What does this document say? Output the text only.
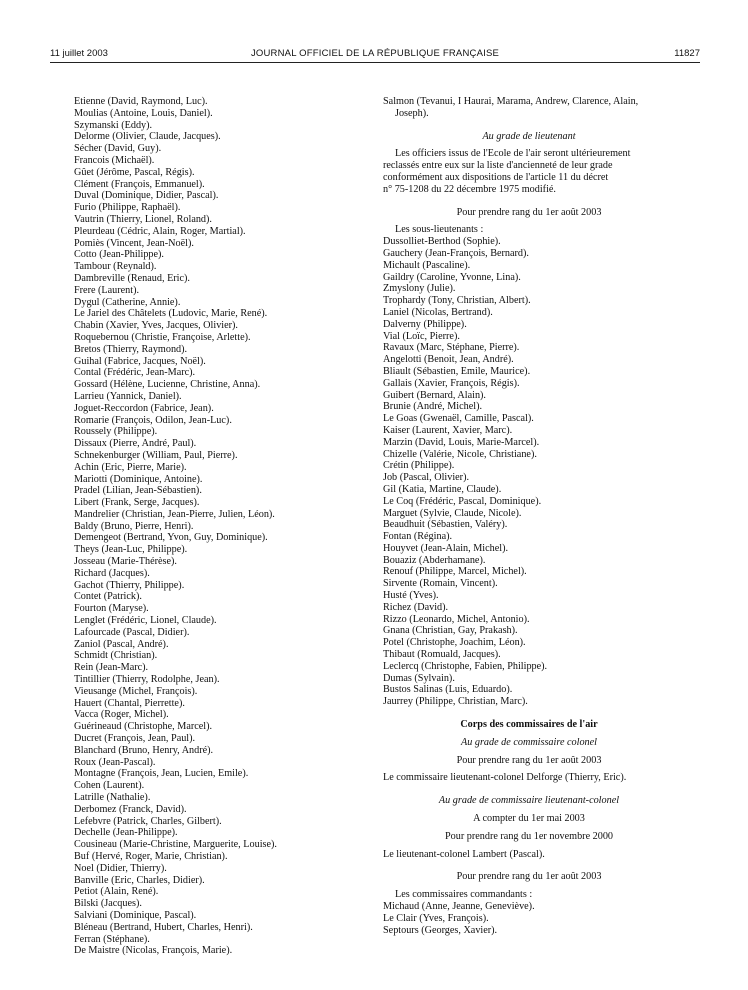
11 juillet 2003	JOURNAL OFFICIEL DE LA RÉPUBLIQUE FRANÇAISE	11827
Etienne (David, Raymond, Luc).
Moulias (Antoine, Louis, Daniel).
Szymanski (Eddy).
Delorme (Olivier, Claude, Jacques).
Sécher (David, Guy).
Francois (Michaël).
Gûet (Jérôme, Pascal, Régis).
Clément (François, Emmanuel).
Duval (Dominique, Didier, Pascal).
Furio (Philippe, Raphaël).
Vautrin (Thierry, Lionel, Roland).
Pleurdeau (Cédric, Alain, Roger, Martial).
Pomiès (Vincent, Jean-Noël).
Cotto (Jean-Philippe).
Tambour (Reynald).
Dambreville (Renaud, Eric).
Frere (Laurent).
Dygul (Catherine, Annie).
Le Jariel des Châtelets (Ludovic, Marie, René).
Chabin (Xavier, Yves, Jacques, Olivier).
Roquebernou (Christie, Françoise, Arlette).
Bretos (Thierry, Raymond).
Guihal (Fabrice, Jacques, Noël).
Contal (Frédéric, Jean-Marc).
Gossard (Hélène, Lucienne, Christine, Anna).
Larrieu (Yannick, Daniel).
Joguet-Reccordon (Fabrice, Jean).
Romarie (François, Odilon, Jean-Luc).
Roussely (Philippe).
Dissaux (Pierre, André, Paul).
Schnekenburger (William, Paul, Pierre).
Achin (Eric, Pierre, Marie).
Mariotti (Dominique, Antoine).
Pradel (Lilian, Jean-Sébastien).
Libert (Frank, Serge, Jacques).
Mandrelier (Christian, Jean-Pierre, Julien, Léon).
Baldy (Bruno, Pierre, Henri).
Demengeot (Bertrand, Yvon, Guy, Dominique).
Theys (Jean-Luc, Philippe).
Josseau (Marie-Thérèse).
Richard (Jacques).
Gachot (Thierry, Philippe).
Contet (Patrick).
Fourton (Maryse).
Lenglet (Frédéric, Lionel, Claude).
Lafourcade (Pascal, Didier).
Zaniol (Pascal, André).
Schmidt (Christian).
Rein (Jean-Marc).
Tintillier (Thierry, Rodolphe, Jean).
Vieusange (Michel, François).
Hauert (Chantal, Pierrette).
Vacca (Roger, Michel).
Guérineaud (Christophe, Marcel).
Ducret (François, Jean, Paul).
Blanchard (Bruno, Henry, André).
Roux (Jean-Pascal).
Montagne (François, Jean, Lucien, Emile).
Cohen (Laurent).
Latrille (Nathalie).
Derbomez (Franck, David).
Lefebvre (Patrick, Charles, Gilbert).
Dechelle (Jean-Philippe).
Cousineau (Marie-Christine, Marguerite, Louise).
Buf (Hervé, Roger, Marie, Christian).
Noel (Didier, Thierry).
Banville (Eric, Charles, Didier).
Petiot (Alain, René).
Bilski (Jacques).
Salviani (Dominique, Pascal).
Bléneau (Bertrand, Hubert, Charles, Henri).
Ferran (Stéphane).
De Maistre (Nicolas, François, Marie).
Salmon (Tevanui, I Haurai, Marama, Andrew, Clarence, Alain,
Joseph).
Au grade de lieutenant
Les officiers issus de l'Ecole de l'air seront ultérieurement
reclassés entre eux sur la liste d'ancienneté de leur grade
conformément aux dispositions de l'article 11 du décret
n° 75-1208 du 22 décembre 1975 modifié.
Pour prendre rang du 1er août 2003
Les sous-lieutenants :
Dussolliet-Berthod (Sophie).
Gauchery (Jean-François, Bernard).
Michault (Pascaline).
Gaildry (Caroline, Yvonne, Lina).
Zmyslony (Julie).
Trophardy (Tony, Christian, Albert).
Laniel (Nicolas, Bertrand).
Dalverny (Philippe).
Vial (Loïc, Pierre).
Ravaux (Marc, Stéphane, Pierre).
Angelotti (Benoit, Jean, André).
Bliault (Sébastien, Emile, Maurice).
Gallais (Xavier, François, Régis).
Guibert (Bernard, Alain).
Brunie (André, Michel).
Le Goas (Gwenaël, Camille, Pascal).
Kaiser (Laurent, Xavier, Marc).
Marzin (David, Louis, Marie-Marcel).
Chizelle (Valérie, Nicole, Christiane).
Crétin (Philippe).
Job (Pascal, Olivier).
Gil (Katia, Martine, Claude).
Le Coq (Frédéric, Pascal, Dominique).
Marguet (Sylvie, Claude, Nicole).
Beaudhuit (Sébastien, Valéry).
Fontan (Régina).
Houyvet (Jean-Alain, Michel).
Bouaziz (Abderhamane).
Renouf (Philippe, Marcel, Michel).
Sirvente (Romain, Vincent).
Husté (Yves).
Richez (David).
Rizzo (Leonardo, Michel, Antonio).
Gnana (Christian, Gay, Prakash).
Potel (Christophe, Joachim, Léon).
Thibaut (Romuald, Jacques).
Leclercq (Christophe, Fabien, Philippe).
Dumas (Sylvain).
Bustos Salinas (Luis, Eduardo).
Jaurrey (Philippe, Christian, Marc).
Corps des commissaires de l'air
Au grade de commissaire colonel
Pour prendre rang du 1er août 2003
Le commissaire lieutenant-colonel Delforge (Thierry, Eric).
Au grade de commissaire lieutenant-colonel
A compter du 1er mai 2003
Pour prendre rang du 1er novembre 2000
Le lieutenant-colonel Lambert (Pascal).
Pour prendre rang du 1er août 2003
Les commissaires commandants :
Michaud (Anne, Jeanne, Geneviève).
Le Clair (Yves, François).
Septours (Georges, Xavier).
